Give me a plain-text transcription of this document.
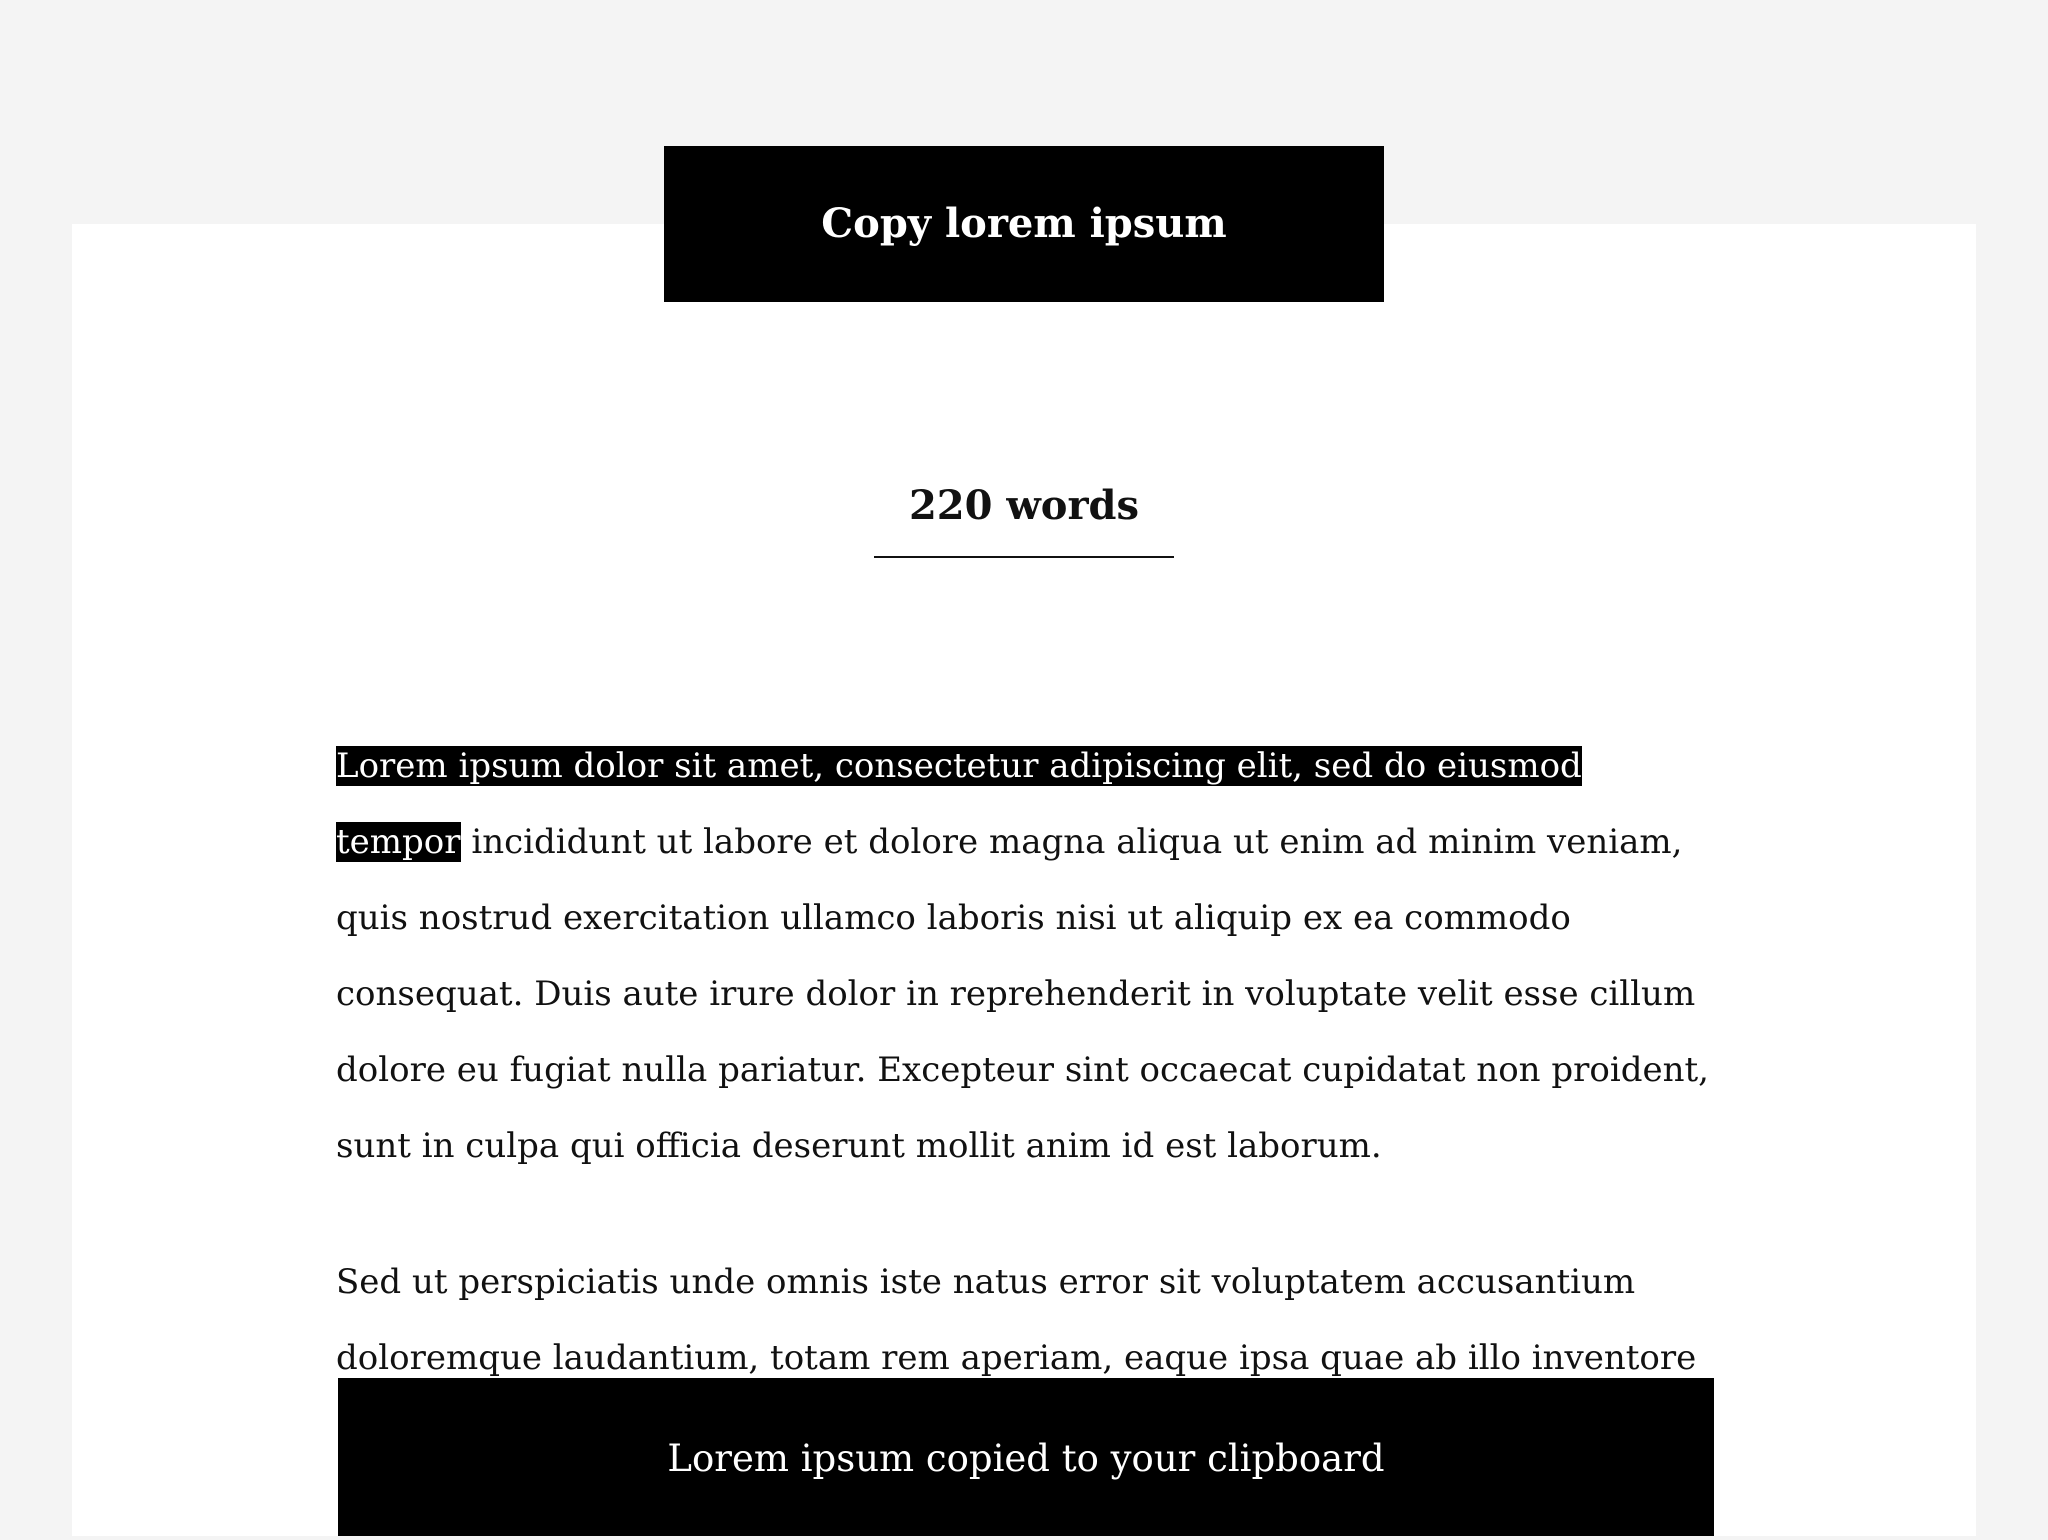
Copy lorem ipsum
220 words

Lorem ipsum dolor sit amet, consectetur adipiscing elit, sed do eiusmod tempor incididunt ut labore et dolore magna aliqua ut enim ad minim veniam, quis nostrud exercitation ullamco laboris nisi ut aliquip ex ea commodo consequat. Duis aute irure dolor in reprehenderit in voluptate velit esse cillum dolore eu fugiat nulla pariatur. Excepteur sint occaecat cupidatat non proident, sunt in culpa qui officia deserunt mollit anim id est laborum.

Sed ut perspiciatis unde omnis iste natus error sit voluptatem accusantium doloremque laudantium, totam rem aperiam, eaque ipsa quae ab illo inventore

Lorem ipsum copied to your clipboard
